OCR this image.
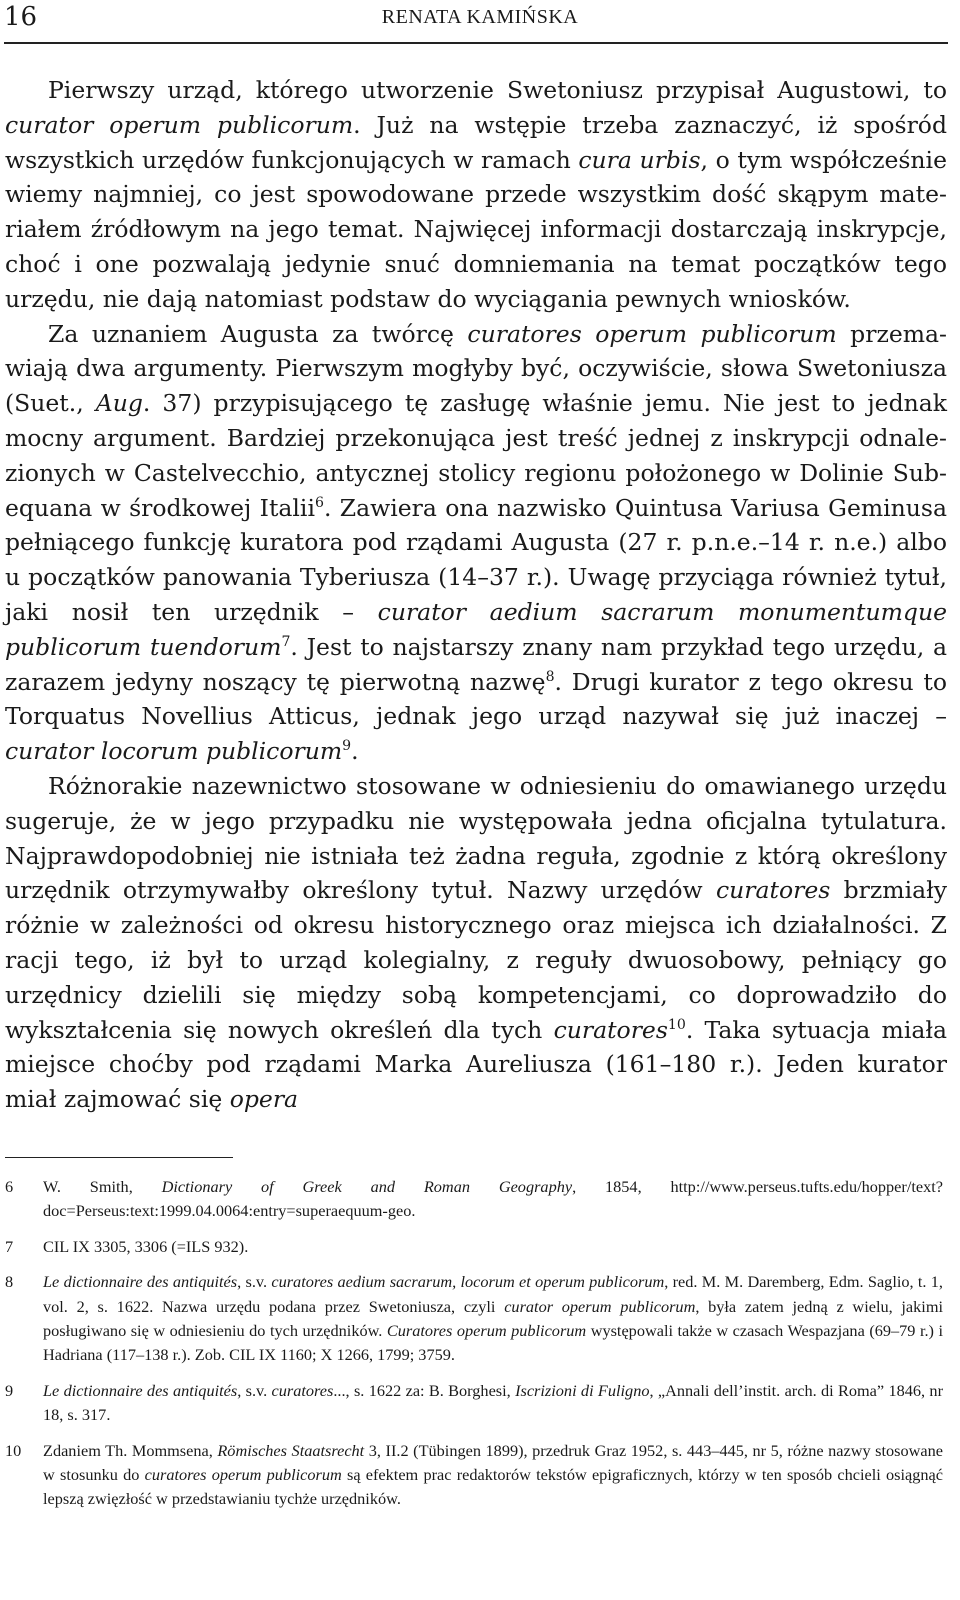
16	RENATA KAMIŃSKA

Pierwszy urząd, którego utworzenie Swetoniusz przypisał Augustowi, to curator operum publicorum. Już na wstępie trzeba zaznaczyć, iż spośród wszystkich urzędów funkcjonujących w ramach cura urbis, o tym współcześnie wiemy najmniej, co jest spowodowane przede wszystkim dość skąpym materiałem źródłowym na jego temat. Najwięcej informacji dostarczają inskrypcje, choć i one pozwalają jedynie snuć domniemania na temat początków tego urzędu, nie dają natomiast podstaw do wyciągania pewnych wniosków.

Za uznaniem Augusta za twórcę curatores operum publicorum przemawiają dwa argumenty. Pierwszym mogłyby być, oczywiście, słowa Swetoniusza (Suet., Aug. 37) przypisującego tę zasługę właśnie jemu. Nie jest to jednak mocny argument. Bardziej przekonująca jest treść jednej z inskrypcji odnalezionych w Castelvecchio, antycznej stolicy regionu położonego w Dolinie Subequana w środkowej Italii$^6$. Zawiera ona nazwisko Quintusa Variusa Geminusa pełniącego funkcję kuratora pod rządami Augusta (27 r. p.n.e.–14 r. n.e.) albo u początków panowania Tyberiusza (14–37 r.). Uwagę przyciąga również tytuł, jaki nosił ten urzędnik – curator aedium sacrarum monumentumque publicorum tuendorum$^7$. Jest to najstarszy znany nam przykład tego urzędu, a zarazem jedyny noszący tę pierwotną nazwę$^8$. Drugi kurator z tego okresu to Torquatus Novellius Atticus, jednak jego urząd nazywał się już inaczej – curator locorum publicorum$^9$.

Różnorakie nazewnictwo stosowane w odniesieniu do omawianego urzędu sugeruje, że w jego przypadku nie występowała jedna oficjalna tytulatura. Najprawdopodobniej nie istniała też żadna reguła, zgodnie z którą określony urzędnik otrzymywałby określony tytuł. Nazwy urzędów curatores brzmiały różnie w zależności od okresu historycznego oraz miejsca ich działalności. Z racji tego, iż był to urząd kolegialny, z reguły dwuosobowy, pełniący go urzędnicy dzielili się między sobą kompetencjami, co doprowadziło do wykształcenia się nowych określeń dla tych curatores$^{10}$. Taka sytuacja miała miejsce choćby pod rządami Marka Aureliusza (161–180 r.). Jeden kurator miał zajmować się opera

6 W. Smith, Dictionary of Greek and Roman Geography, 1854, http://www.perseus.tufts.edu/hopper/text?doc=Perseus:text:1999.04.0064:entry=superaequum-geo.
7 CIL IX 3305, 3306 (=ILS 932).
8 Le dictionnaire des antiquités, s.v. curatores aedium sacrarum, locorum et operum publicorum, red. M. M. Daremberg, Edm. Saglio, t. 1, vol. 2, s. 1622. Nazwa urzędu podana przez Swetoniusza, czyli curator operum publicorum, była zatem jedną z wielu, jakimi posługiwano się w odniesieniu do tych urzędników. Curatores operum publicorum występowali także w czasach Wespazjana (69–79 r.) i Hadriana (117–138 r.). Zob. CIL IX 1160; X 1266, 1799; 3759.
9 Le dictionnaire des antiquités, s.v. curatores..., s. 1622 za: B. Borghesi, Iscrizioni di Fuligno, „Annali dell’instit. arch. di Roma” 1846, nr 18, s. 317.
10 Zdaniem Th. Mommsena, Römisches Staatsrecht 3, II.2 (Tübingen 1899), przedruk Graz 1952, s. 443–445, nr 5, różne nazwy stosowane w stosunku do curatores operum publicorum są efektem prac redaktorów tekstów epigraficznych, którzy w ten sposób chcieli osiągnąć lepszą zwięzłość w przedstawianiu tychże urzędników.
